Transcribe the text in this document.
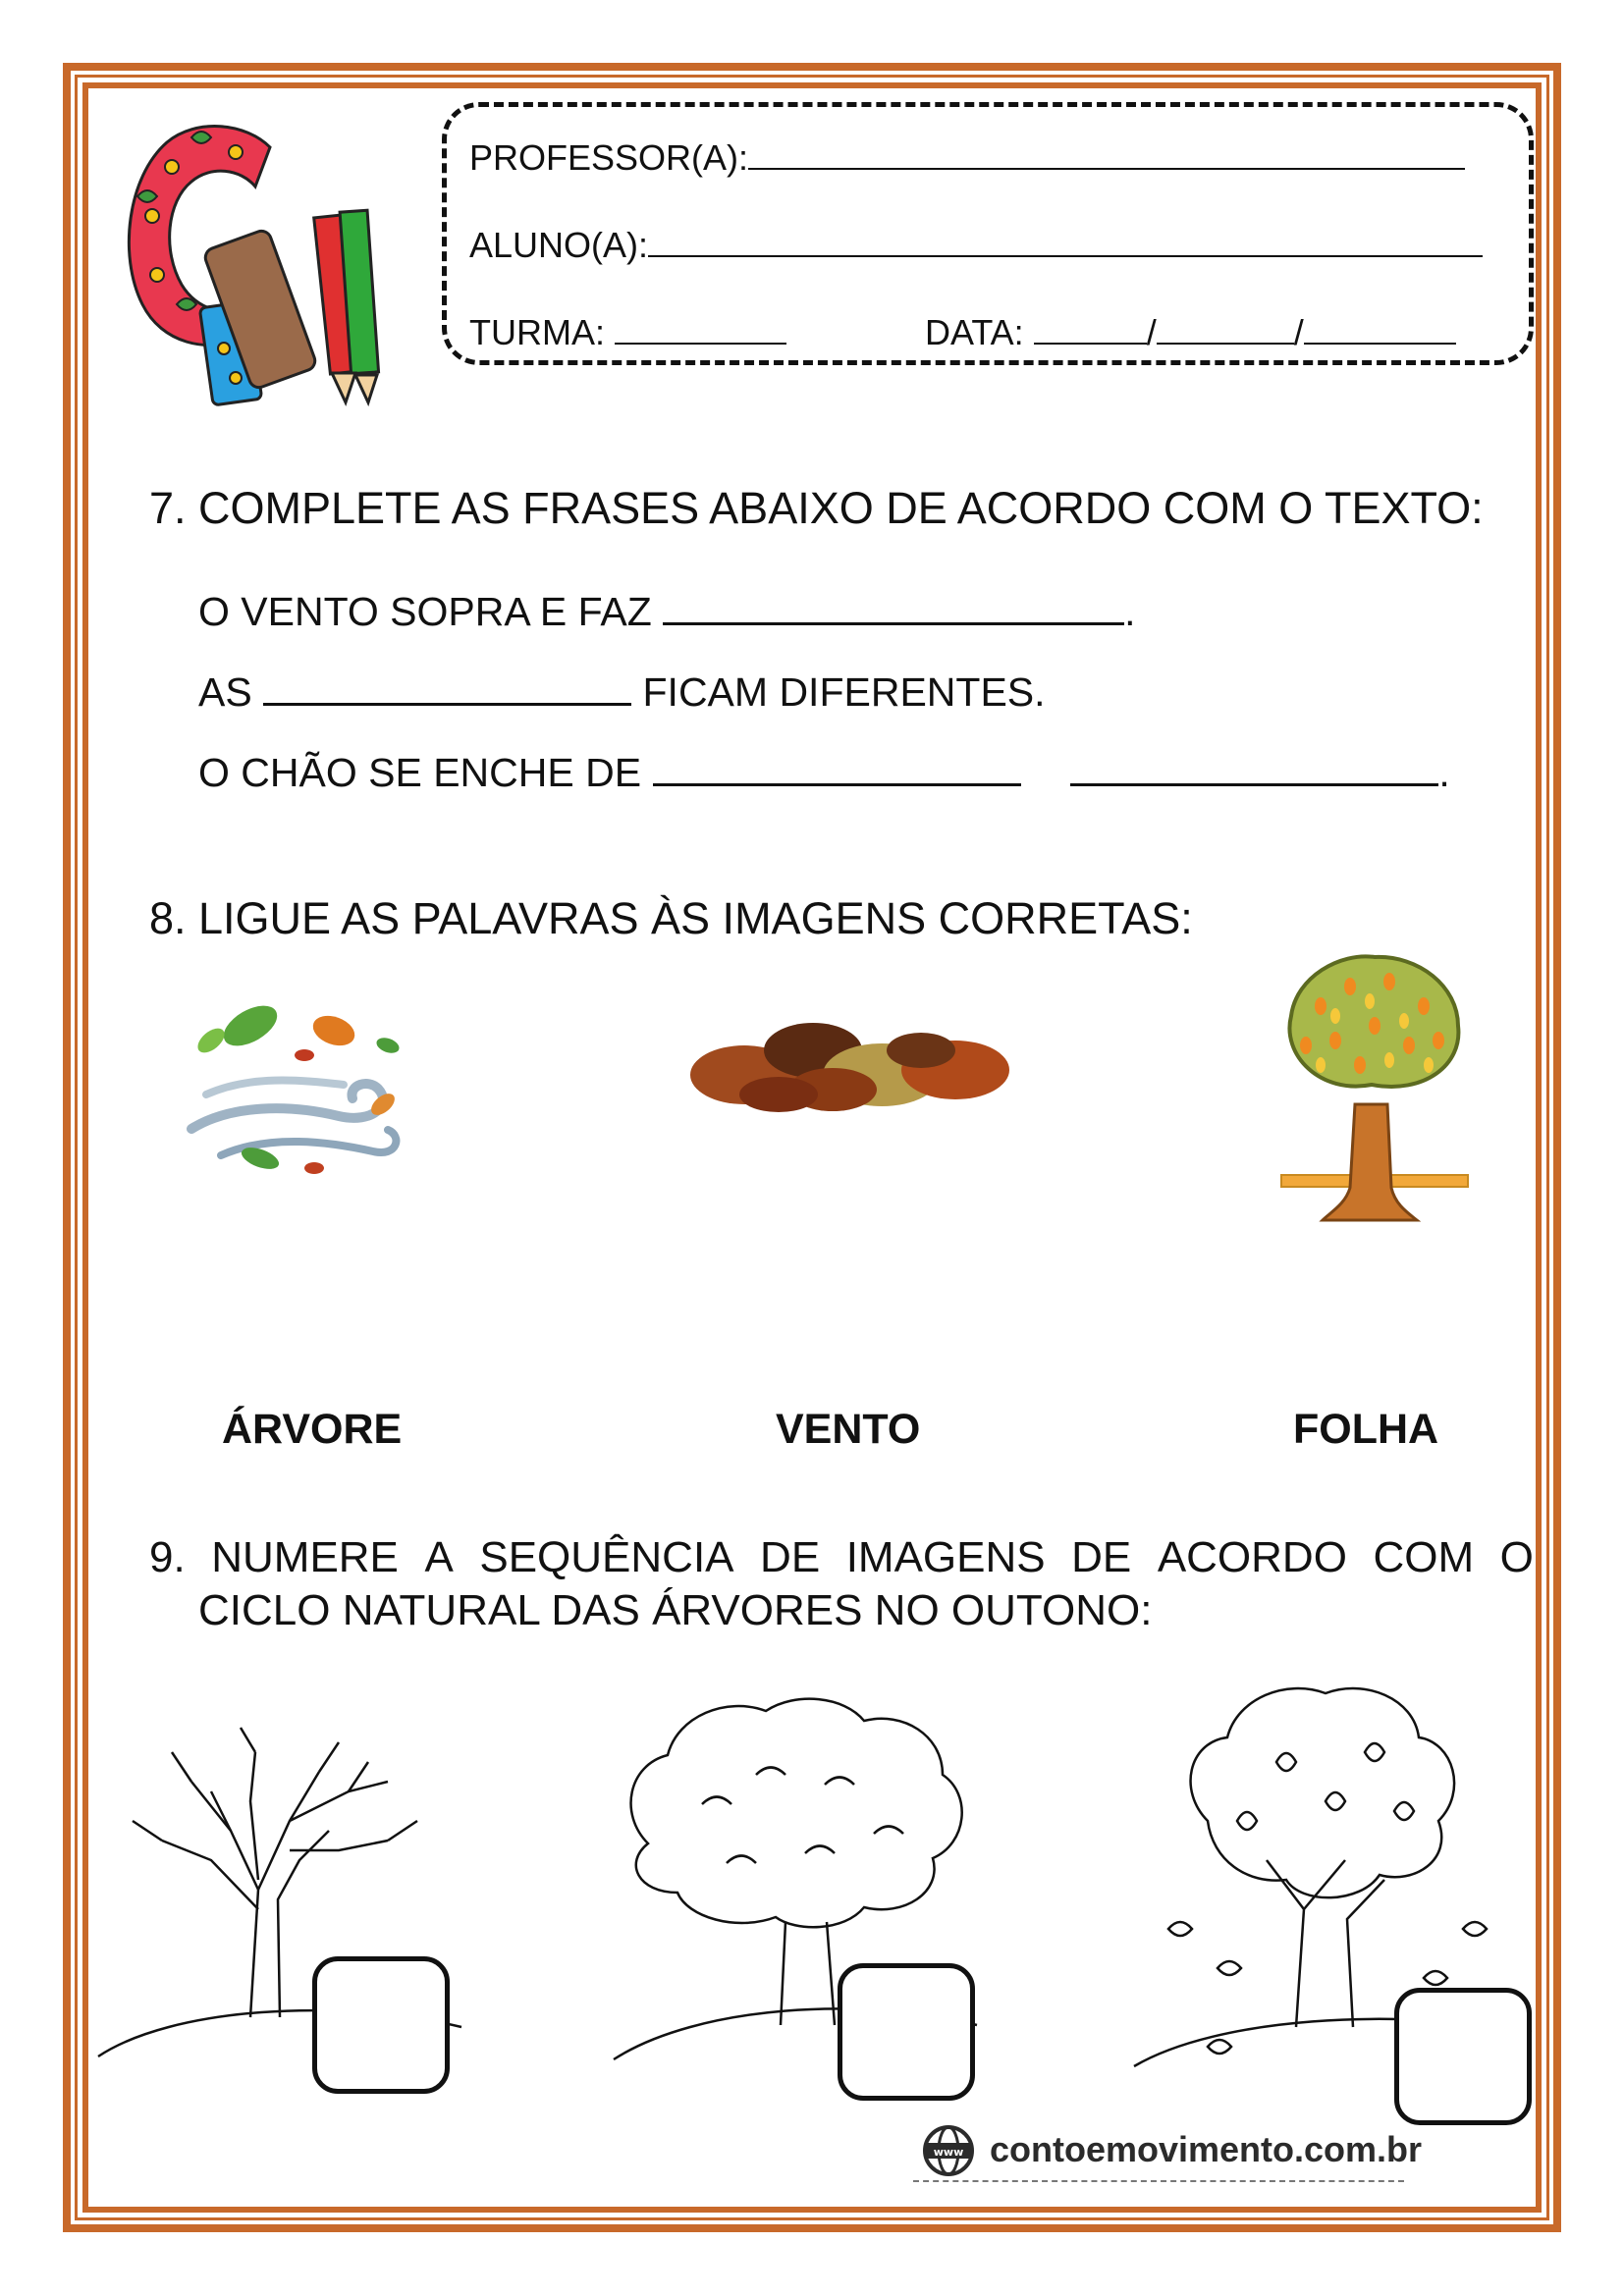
PROFESSOR(A):
ALUNO(A):
TURMA:	DATA:	/	/
7. COMPLETE AS FRASES ABAIXO DE ACORDO COM O TEXTO:
O VENTO SOPRA E FAZ	.
AS	FICAM DIFERENTES.
O CHÃO SE ENCHE DE	.
8. LIGUE AS PALAVRAS ÀS IMAGENS CORRETAS:
ÁRVORE	VENTO	FOLHA
9. NUMERE A SEQUÊNCIA DE IMAGENS DE ACORDO COM O
CICLO NATURAL DAS ÁRVORES NO OUTONO:
www contoemovimento.com.br
